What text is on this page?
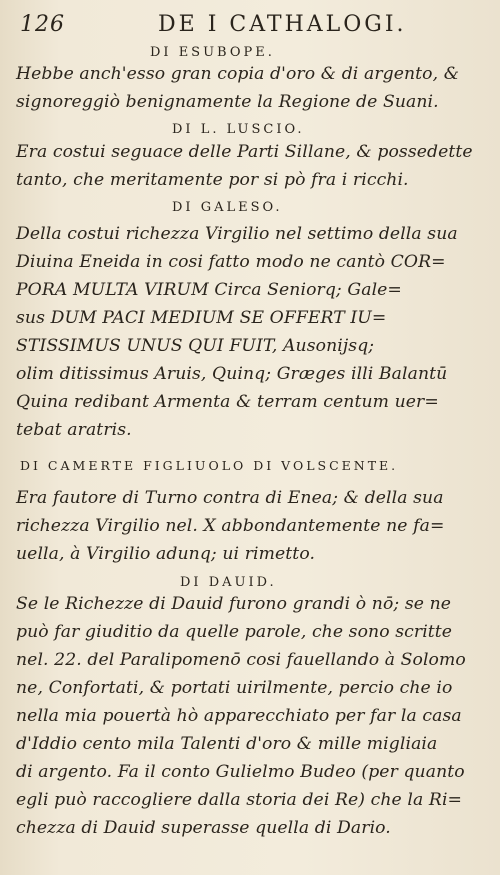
126	DE I CATHALOGI.
DI ESUBOPE.
Hebbe anch'esso gran copia d'oro & di argento, &
signoreggiò benignamente la Regione de Suani.
DI L. LUSCIO.
Era costui seguace delle Parti Sillane, & possedette
tanto, che meritamente por si pò fra i ricchi.
DI GALESO.
Della costui richezza Virgilio nel settimo della sua
Diuina Eneida in cosi fatto modo ne cantò COR=
PORA MULTA VIRUM Circa Seniorq; Gale=
sus DUM PACI MEDIUM SE OFFERT IU=
STISSIMUS UNUS QUI FUIT, Ausonijsq;
olim ditissimus Aruis, Quinq; Græges illi Balantū
Quina redibant Armenta & terram centum uer=
tebat aratris.
DI CAMERTE FIGLIUOLO DI VOLSCENTE.
Era fautore di Turno contra di Enea; & della sua
richezza Virgilio nel. X abbondantemente ne fa=
uella, à Virgilio adunq; ui rimetto.
DI DAUID.
Se le Richezze di Dauid furono grandi ò nō; se ne
può far giuditio da quelle parole, che sono scritte
nel. 22. del Paralipomenō cosi fauellando à Solomo
ne, Confortati, & portati uirilmente, percio che io
nella mia pouertà hò apparecchiato per far la casa
d'Iddio cento mila Talenti d'oro & mille migliaia
di argento. Fa il conto Gulielmo Budeo (per quanto
egli può raccogliere dalla storia dei Re) che la Ri=
chezza di Dauid superasse quella di Dario.
